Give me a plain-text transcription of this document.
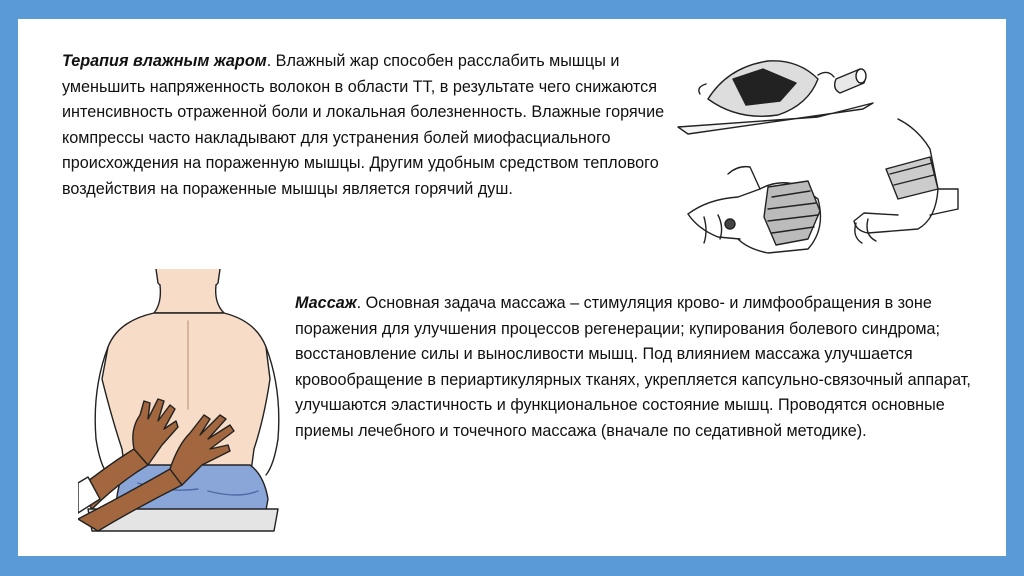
Терапия влажным жаром. Влажный жар способен расслабить мышцы и уменьшить напряженность волокон в области ТТ, в результате чего снижаются интенсивность отраженной боли и локальная болезненность. Влажные горячие компрессы часто накладывают для устранения болей миофасциального происхождения на пораженную мышцы. Другим удобным средством теплового воздействия на пораженные мышцы является горячий душ.
Массаж. Основная задача массажа – стимуляция крово- и лимфообращения в зоне поражения для улучшения процессов регенерации; купирования болевого синдрома; восстановление силы и выносливости мышц. Под влиянием массажа улучшается кровообращение в периартикулярных тканях, укрепляется капсульно-связочный аппарат, улучшаются эластичность и функциональное состояние мышц. Проводятся основные приемы лечебного и точечного массажа (вначале по седативной методике).
